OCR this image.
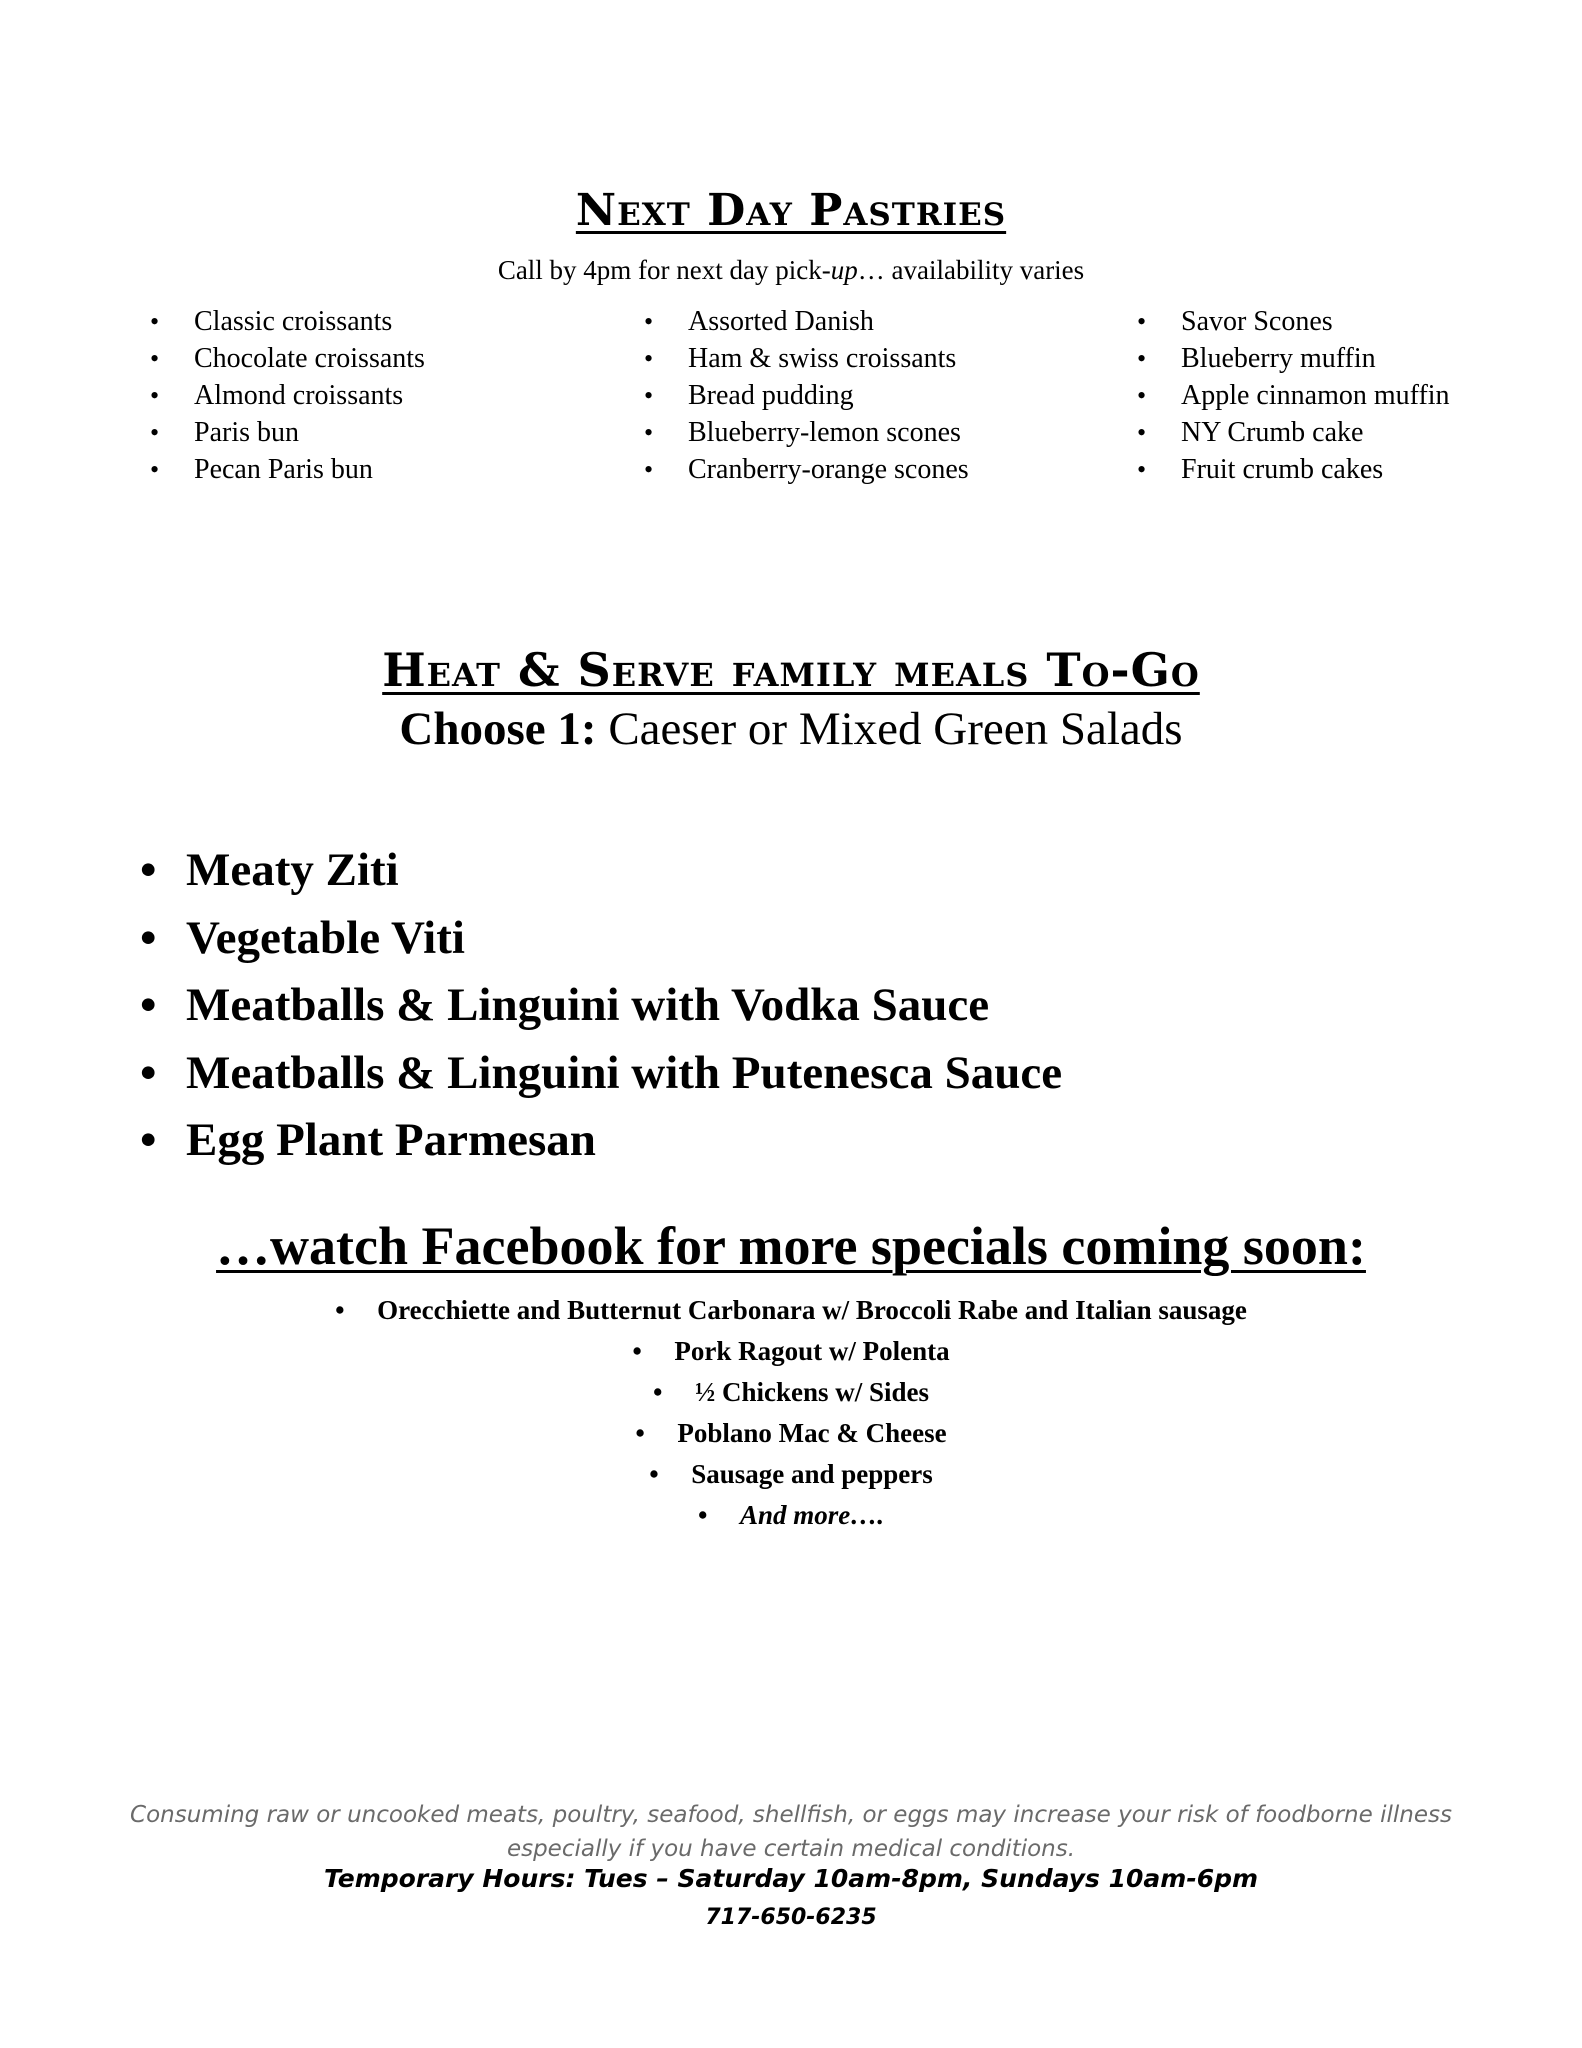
Next Day Pastries
Call by 4pm for next day pick-up… availability varies
• Classic croissants
• Chocolate croissants
• Almond croissants
• Paris bun
• Pecan Paris bun
• Assorted Danish
• Ham & swiss croissants
• Bread pudding
• Blueberry-lemon scones
• Cranberry-orange scones
• Savor Scones
• Blueberry muffin
• Apple cinnamon muffin
• NY Crumb cake
• Fruit crumb cakes
Heat & Serve family meals To-Go
Choose 1: Caeser or Mixed Green Salads
• Meaty Ziti
• Vegetable Viti
• Meatballs & Linguini with Vodka Sauce
• Meatballs & Linguini with Putenesca Sauce
• Egg Plant Parmesan
…watch Facebook for more specials coming soon:
• Orecchiette and Butternut Carbonara w/ Broccoli Rabe and Italian sausage
• Pork Ragout w/ Polenta
• ½ Chickens w/ Sides
• Poblano Mac & Cheese
• Sausage and peppers
• And more….
Consuming raw or uncooked meats, poultry, seafood, shellfish, or eggs may increase your risk of foodborne illness
especially if you have certain medical conditions.
Temporary Hours: Tues – Saturday 10am-8pm, Sundays 10am-6pm
717-650-6235
